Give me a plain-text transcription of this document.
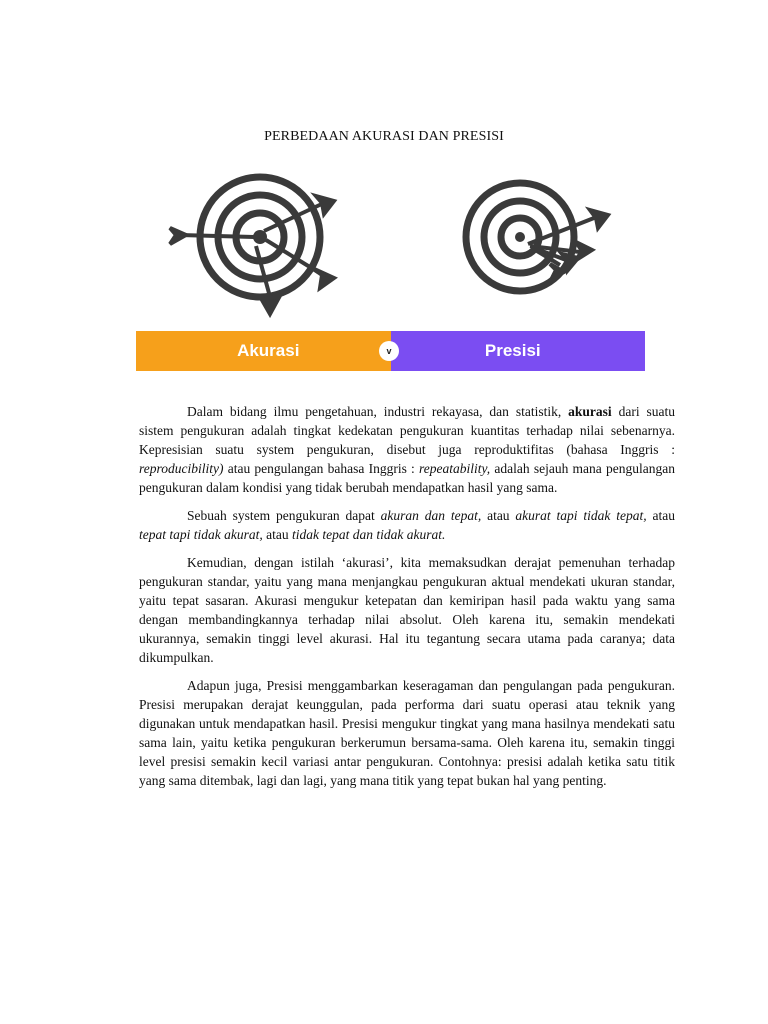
PERBEDAAN AKURASI DAN PRESISI
Akurasi	Presisi
v

Dalam bidang ilmu pengetahuan, industri rekayasa, dan statistik, akurasi dari suatu sistem pengukuran adalah tingkat kedekatan pengukuran kuantitas terhadap nilai sebenarnya. Kepresisian suatu system pengukuran, disebut juga reproduktifitas (bahasa Inggris : reproducibility) atau pengulangan bahasa Inggris : repeatability, adalah sejauh mana pengulangan pengukuran dalam kondisi yang tidak berubah mendapatkan hasil yang sama.

Sebuah system pengukuran dapat akuran dan tepat, atau akurat tapi tidak tepat, atau tepat tapi tidak akurat, atau tidak tepat dan tidak akurat.

Kemudian, dengan istilah ‘akurasi’, kita memaksudkan derajat pemenuhan terhadap pengukuran standar, yaitu yang mana menjangkau pengukuran aktual mendekati ukuran standar, yaitu tepat sasaran. Akurasi mengukur ketepatan dan kemiripan hasil pada waktu yang sama dengan membandingkannya terhadap nilai absolut. Oleh karena itu, semakin mendekati ukurannya, semakin tinggi level akurasi. Hal itu tegantung secara utama pada caranya; data dikumpulkan.

Adapun juga, Presisi menggambarkan keseragaman dan pengulangan pada pengukuran. Presisi merupakan derajat keunggulan, pada performa dari suatu operasi atau teknik yang digunakan untuk mendapatkan hasil. Presisi mengukur tingkat yang mana hasilnya mendekati satu sama lain, yaitu ketika pengukuran berkerumun bersama-sama. Oleh karena itu, semakin tinggi level presisi semakin kecil variasi antar pengukuran. Contohnya: presisi adalah ketika satu titik yang sama ditembak, lagi dan lagi, yang mana titik yang tepat bukan hal yang penting.
